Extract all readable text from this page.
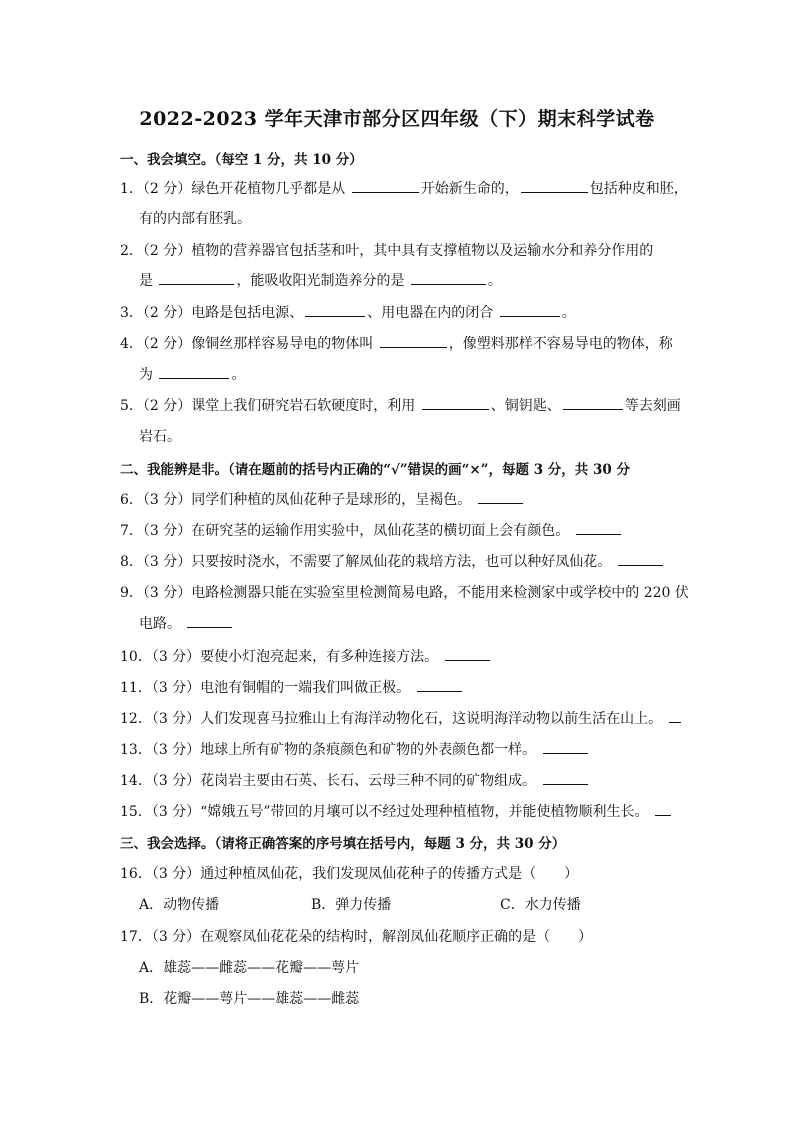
2022-2023 学年天津市部分区四年级（下）期末科学试卷
一、我会填空。（每空 1 分，共 10 分）
1．（2 分）绿色开花植物几乎都是从	开始新生命的，	包括种皮和胚，
有的内部有胚乳。
2．（2 分）植物的营养器官包括茎和叶，其中具有支撑植物以及运输水分和养分作用的
是	，能吸收阳光制造养分的是	。
3．（2 分）电路是包括电源、	、用电器在内的闭合	。
4．（2 分）像铜丝那样容易导电的物体叫	，像塑料那样不容易导电的物体，称
为	。
5．（2 分）课堂上我们研究岩石软硬度时，利用	、铜钥匙、	等去刻画
岩石。
二、我能辨是非。（请在题前的括号内正确的“√”错误的画“×”，每题 3 分，共 30 分
6．（3 分）同学们种植的凤仙花种子是球形的，呈褐色。
7．（3 分）在研究茎的运输作用实验中，凤仙花茎的横切面上会有颜色。
8．（3 分）只要按时浇水，不需要了解凤仙花的栽培方法，也可以种好凤仙花。
9．（3 分）电路检测器只能在实验室里检测简易电路，不能用来检测家中或学校中的 220 伏
电路。
10．（3 分）要使小灯泡亮起来，有多种连接方法。
11．（3 分）电池有铜帽的一端我们叫做正极。
12．（3 分）人们发现喜马拉雅山上有海洋动物化石，这说明海洋动物以前生活在山上。
13．（3 分）地球上所有矿物的条痕颜色和矿物的外表颜色都一样。
14．（3 分）花岗岩主要由石英、长石、云母三种不同的矿物组成。
15．（3 分）“嫦娥五号”带回的月壤可以不经过处理种植植物，并能使植物顺利生长。
三、我会选择。（请将正确答案的序号填在括号内，每题 3 分，共 30 分）
16．（3 分）通过种植凤仙花，我们发现凤仙花种子的传播方式是（　　）
A．动物传播	B．弹力传播	C．水力传播
17．（3 分）在观察凤仙花花朵的结构时，解剖凤仙花顺序正确的是（　　）
A．雄蕊——雌蕊——花瓣——萼片
B．花瓣——萼片——雄蕊——雌蕊
